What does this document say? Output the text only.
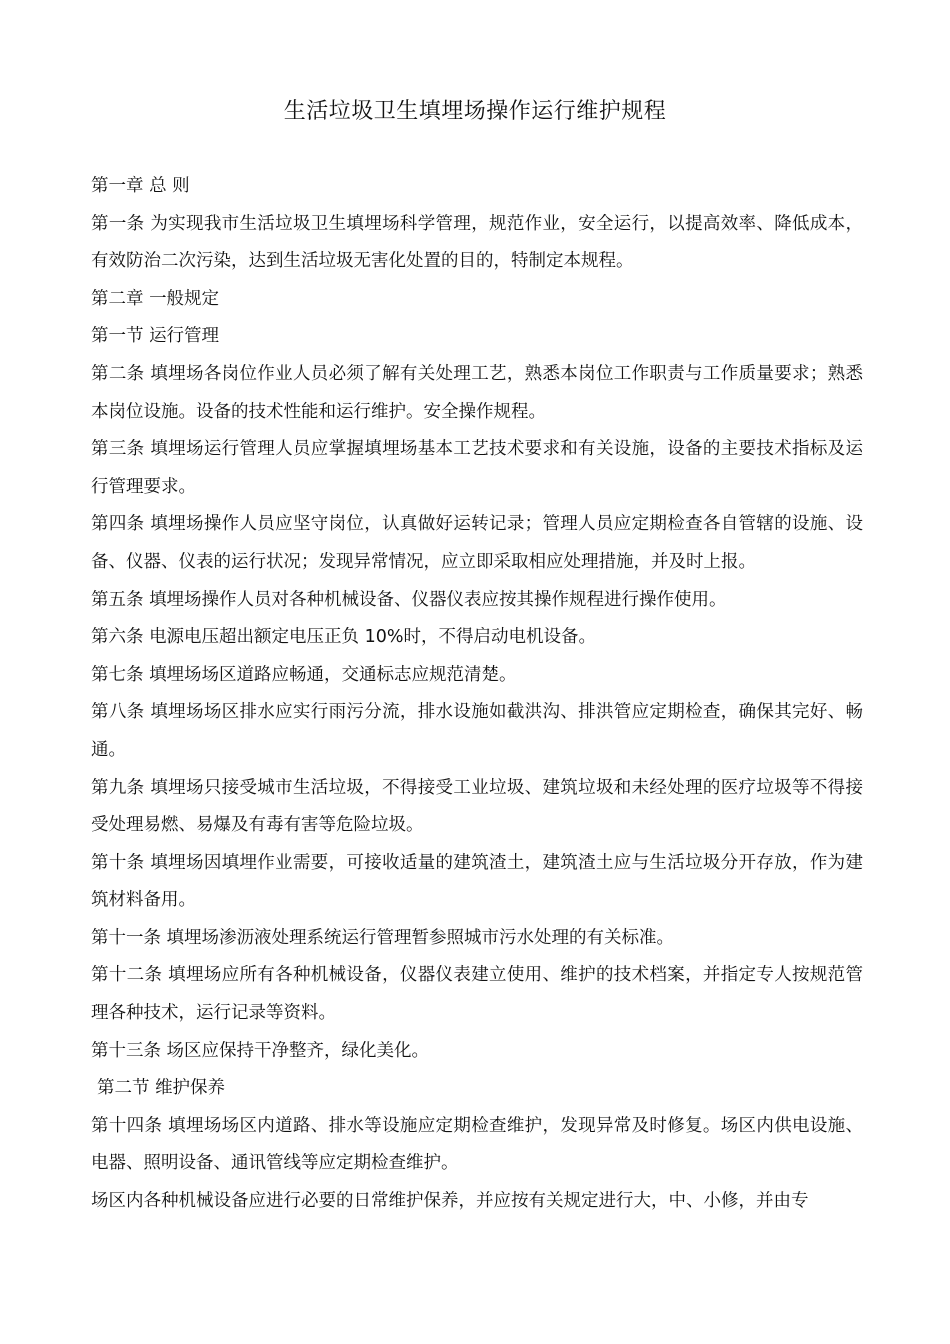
生活垃圾卫生填埋场操作运行维护规程

第一章 总 则

第一条 为实现我市生活垃圾卫生填埋场科学管理，规范作业，安全运行，以提高效率、降低成本，有效防治二次污染，达到生活垃圾无害化处置的目的，特制定本规程。

第二章 一般规定

第一节 运行管理

第二条 填埋场各岗位作业人员必须了解有关处理工艺，熟悉本岗位工作职责与工作质量要求；熟悉本岗位设施。设备的技术性能和运行维护。安全操作规程。

第三条 填埋场运行管理人员应掌握填埋场基本工艺技术要求和有关设施，设备的主要技术指标及运行管理要求。

第四条 填埋场操作人员应坚守岗位，认真做好运转记录；管理人员应定期检查各自管辖的设施、设备、仪器、仪表的运行状况；发现异常情况，应立即采取相应处理措施，并及时上报。

第五条 填埋场操作人员对各种机械设备、仪器仪表应按其操作规程进行操作使用。

第六条 电源电压超出额定电压正负 10%时，不得启动电机设备。

第七条 填埋场场区道路应畅通，交通标志应规范清楚。

第八条 填埋场场区排水应实行雨污分流，排水设施如截洪沟、排洪管应定期检查，确保其完好、畅通。

第九条 填埋场只接受城市生活垃圾，不得接受工业垃圾、建筑垃圾和未经处理的医疗垃圾等不得接受处理易燃、易爆及有毒有害等危险垃圾。

第十条 填埋场因填埋作业需要，可接收适量的建筑渣土，建筑渣土应与生活垃圾分开存放，作为建筑材料备用。

第十一条 填埋场渗沥液处理系统运行管理暂参照城市污水处理的有关标准。

第十二条 填埋场应所有各种机械设备，仪器仪表建立使用、维护的技术档案，并指定专人按规范管理各种技术，运行记录等资料。

第十三条 场区应保持干净整齐，绿化美化。

第二节 维护保养

第十四条 填埋场场区内道路、排水等设施应定期检查维护，发现异常及时修复。场区内供电设施、电器、照明设备、通讯管线等应定期检查维护。

场区内各种机械设备应进行必要的日常维护保养，并应按有关规定进行大，中、小修，并由专
